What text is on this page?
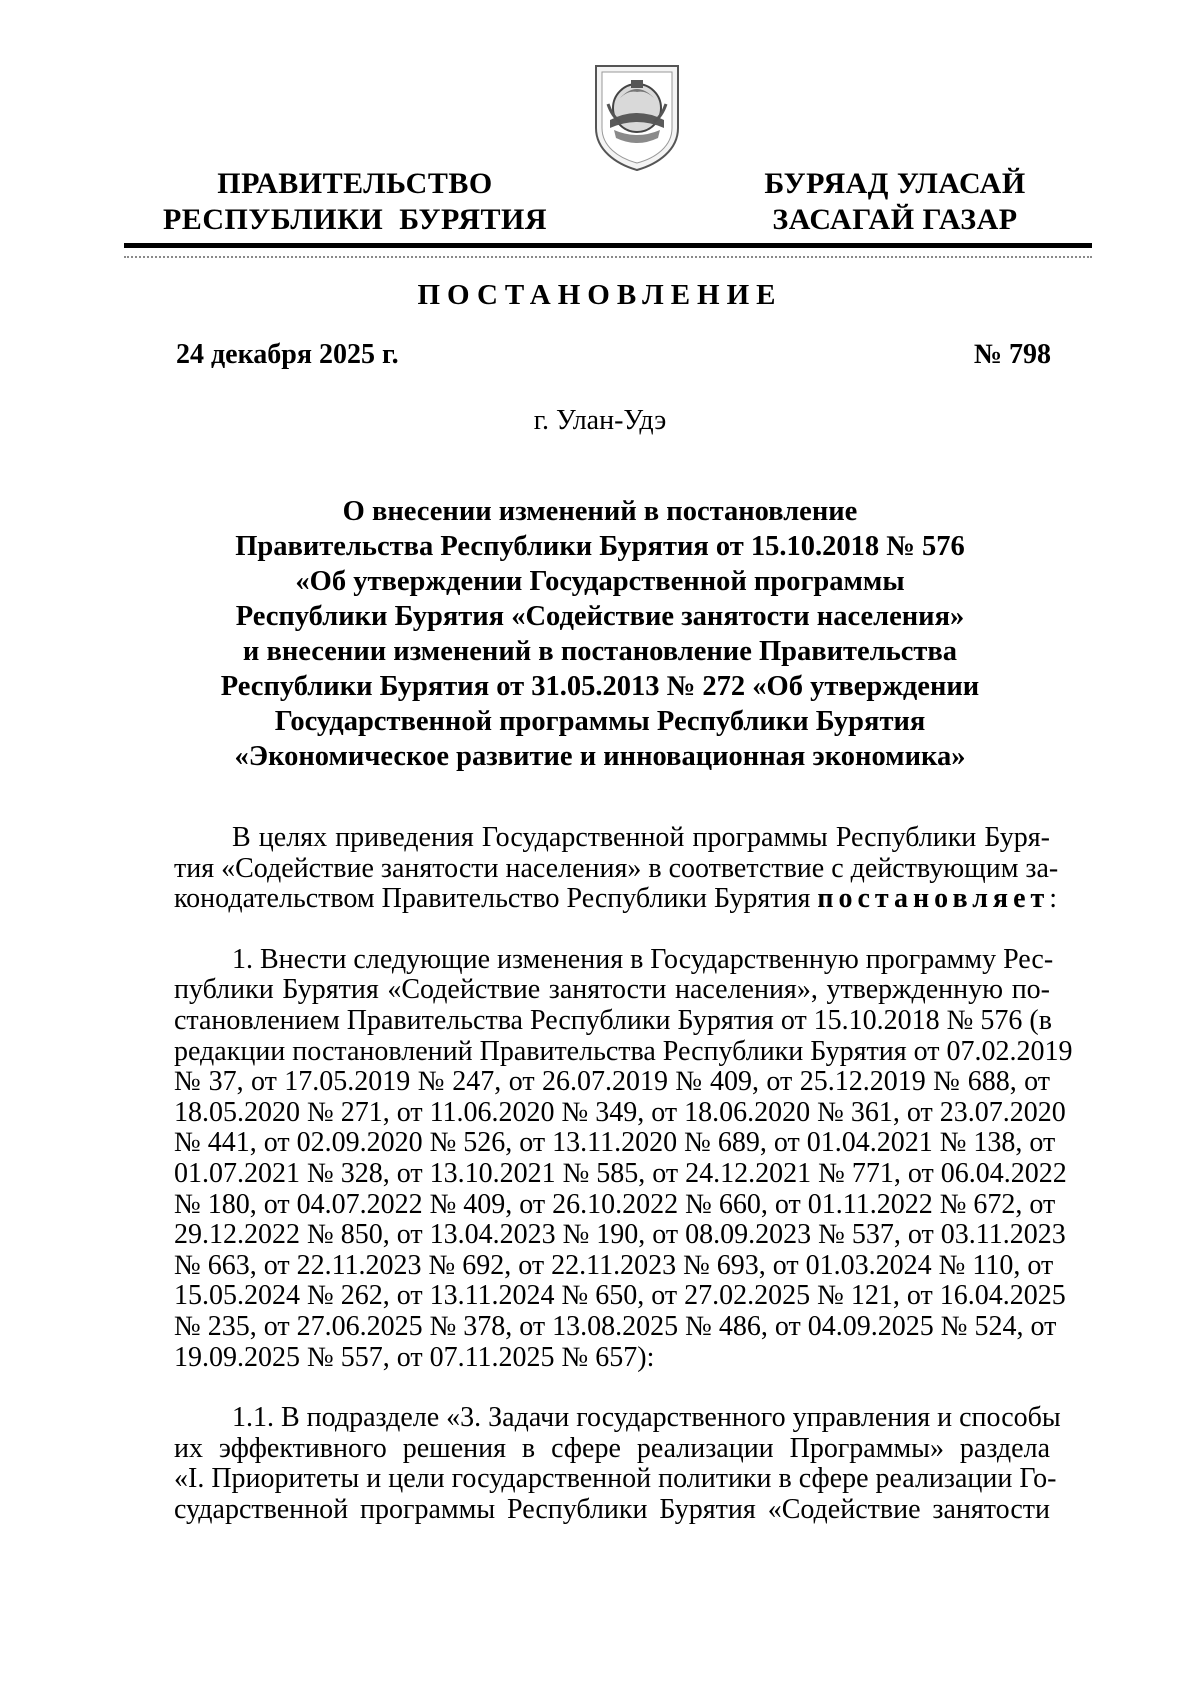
ПРАВИТЕЛЬСТВО
РЕСПУБЛИКИ  БУРЯТИЯ
БУРЯАД УЛАСАЙ
ЗАСАГАЙ ГАЗАР
ПОСТАНОВЛЕНИЕ
24 декабря 2025 г.	№ 798
г. Улан-Удэ
О внесении изменений в постановление
Правительства Республики Бурятия от 15.10.2018 № 576
«Об утверждении Государственной программы
Республики Бурятия «Содействие занятости населения»
и внесении изменений в постановление Правительства
Республики Бурятия от 31.05.2013 № 272 «Об утверждении
Государственной программы Республики Бурятия
«Экономическое развитие и инновационная экономика»
В целях приведения Государственной программы Республики Буря-
тия «Содействие занятости населения» в соответствие с действующим за-
конодательством Правительство Республики Бурятия постановляет:
1. Внести следующие изменения в Государственную программу Рес-
публики Бурятия «Содействие занятости населения», утвержденную по-
становлением Правительства Республики Бурятия от 15.10.2018 № 576 (в
редакции постановлений Правительства Республики Бурятия от 07.02.2019
№ 37, от 17.05.2019 № 247, от 26.07.2019 № 409, от 25.12.2019 № 688, от
18.05.2020 № 271, от 11.06.2020 № 349, от 18.06.2020 № 361, от 23.07.2020
№ 441, от 02.09.2020 № 526, от 13.11.2020 № 689, от 01.04.2021 № 138, от
01.07.2021 № 328, от 13.10.2021 № 585, от 24.12.2021 № 771, от 06.04.2022
№ 180, от 04.07.2022 № 409, от 26.10.2022 № 660, от 01.11.2022 № 672, от
29.12.2022 № 850, от 13.04.2023 № 190, от 08.09.2023 № 537, от 03.11.2023
№ 663, от 22.11.2023 № 692, от 22.11.2023 № 693, от 01.03.2024 № 110, от
15.05.2024 № 262, от 13.11.2024 № 650, от 27.02.2025 № 121, от 16.04.2025
№ 235, от 27.06.2025 № 378, от 13.08.2025 № 486, от 04.09.2025 № 524, от
19.09.2025 № 557, от 07.11.2025 № 657):
1.1. В подразделе «3. Задачи государственного управления и способы
их эффективного решения в сфере реализации Программы» раздела
«I. Приоритеты и цели государственной политики в сфере реализации Го-
сударственной программы Республики Бурятия «Содействие занятости
